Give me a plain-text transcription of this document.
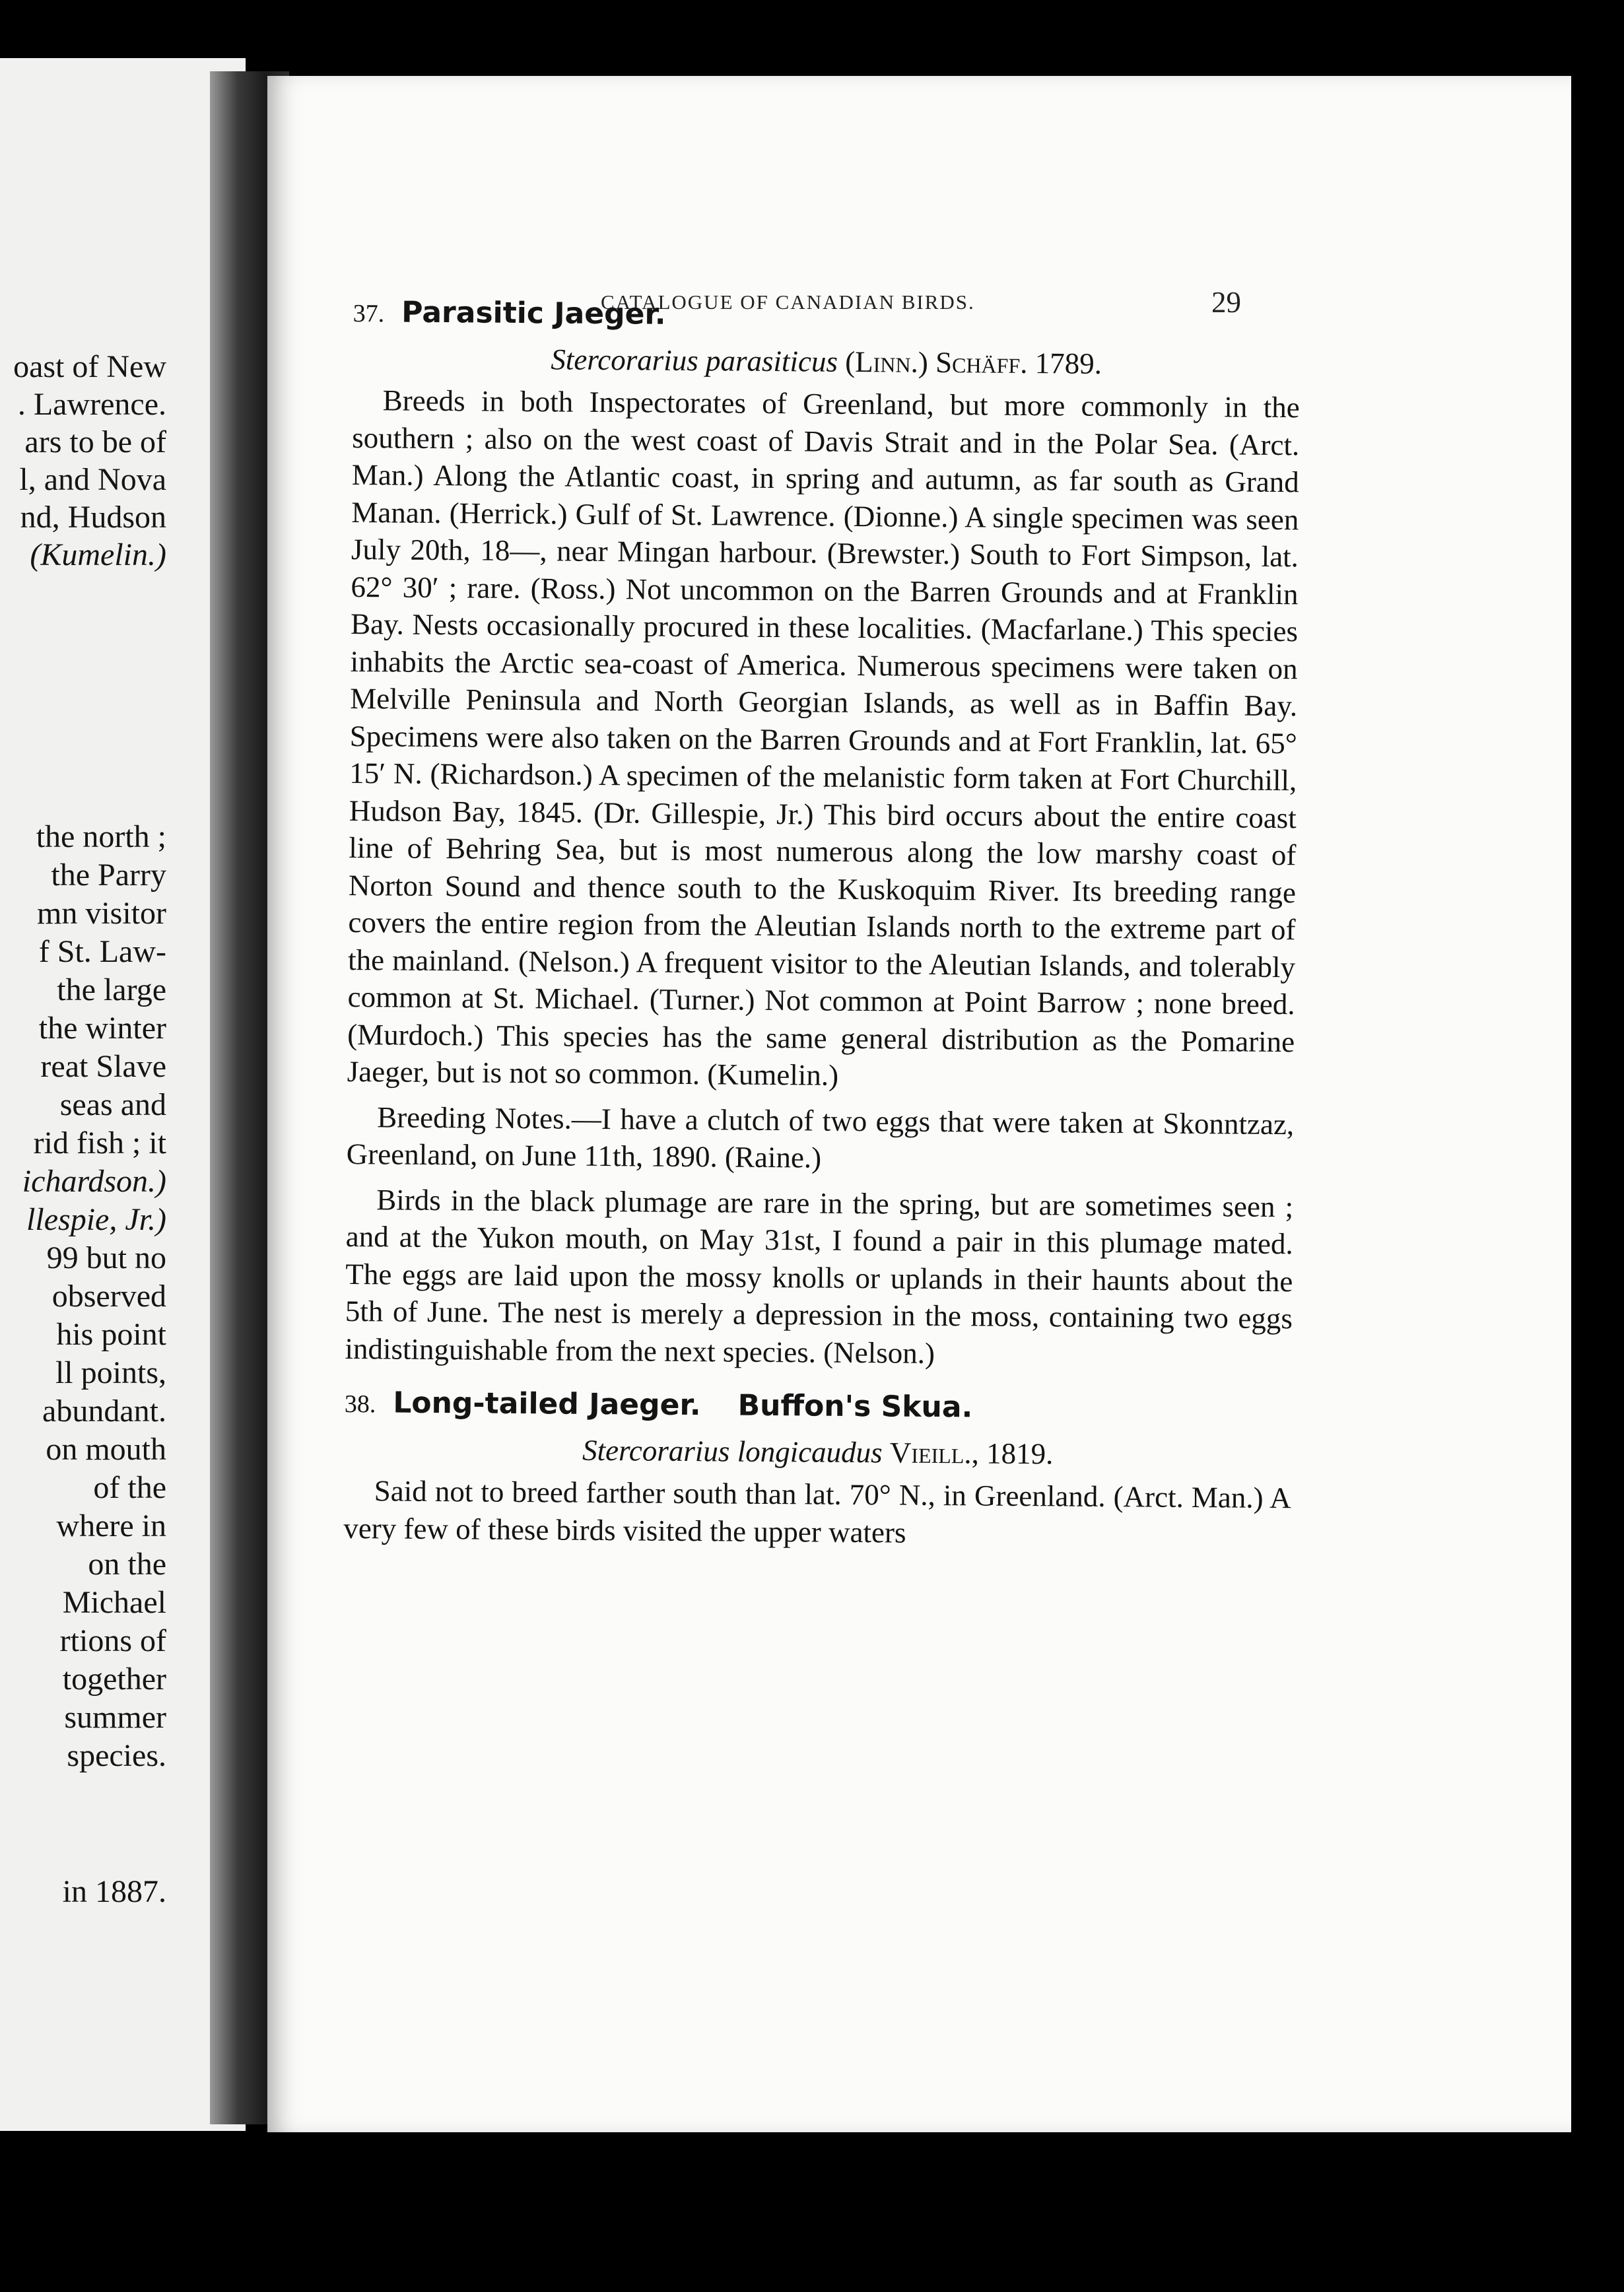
oast of New
. Lawrence.
ars to be of
l, and Nova
nd, Hudson
(Kumelin.)
the north ;
the Parry
mn visitor
f St. Law-
the large
the winter
reat Slave
seas and
rid fish ; it
ichardson.)
llespie, Jr.)
99 but no
observed
his point
ll points,
abundant.
on mouth
of the
where in
on the
Michael
rtions of
together
summer
species.
in 1887.
CATALOGUE OF CANADIAN BIRDS.	29
37. Parasitic Jaeger.
Stercorarius parasiticus (Linn.) Schäff. 1789.

Breeds in both Inspectorates of Greenland, but more commonly in the southern ; also on the west coast of Davis Strait and in the Polar Sea. (Arct. Man.) Along the Atlantic coast, in spring and autumn, as far south as Grand Manan. (Herrick.) Gulf of St. Lawrence. (Dionne.) A single specimen was seen July 20th, 18—, near Mingan harbour. (Brewster.) South to Fort Simpson, lat. 62° 30′ ; rare. (Ross.) Not uncommon on the Barren Grounds and at Franklin Bay. Nests occasionally procured in these localities. (Macfarlane.) This species inhabits the Arctic sea-coast of America. Numerous specimens were taken on Melville Peninsula and North Georgian Islands, as well as in Baffin Bay. Specimens were also taken on the Barren Grounds and at Fort Franklin, lat. 65° 15′ N. (Richardson.) A specimen of the melanistic form taken at Fort Churchill, Hudson Bay, 1845. (Dr. Gillespie, Jr.) This bird occurs about the entire coast line of Behring Sea, but is most numerous along the low marshy coast of Norton Sound and thence south to the Kuskoquim River. Its breeding range covers the entire region from the Aleutian Islands north to the extreme part of the mainland. (Nelson.) A frequent visitor to the Aleutian Islands, and tolerably common at St. Michael. (Turner.) Not common at Point Barrow ; none breed. (Murdoch.) This species has the same general distribution as the Pomarine Jaeger, but is not so common. (Kumelin.)

Breeding Notes.—I have a clutch of two eggs that were taken at Skonntzaz, Greenland, on June 11th, 1890. (Raine.)

Birds in the black plumage are rare in the spring, but are sometimes seen ; and at the Yukon mouth, on May 31st, I found a pair in this plumage mated. The eggs are laid upon the mossy knolls or uplands in their haunts about the 5th of June. The nest is merely a depression in the moss, containing two eggs indistinguishable from the next species. (Nelson.)

38. Long-tailed Jaeger. Buffon's Skua.
Stercorarius longicaudus Vieill., 1819.

Said not to breed farther south than lat. 70° N., in Greenland. (Arct. Man.) A very few of these birds visited the upper waters
